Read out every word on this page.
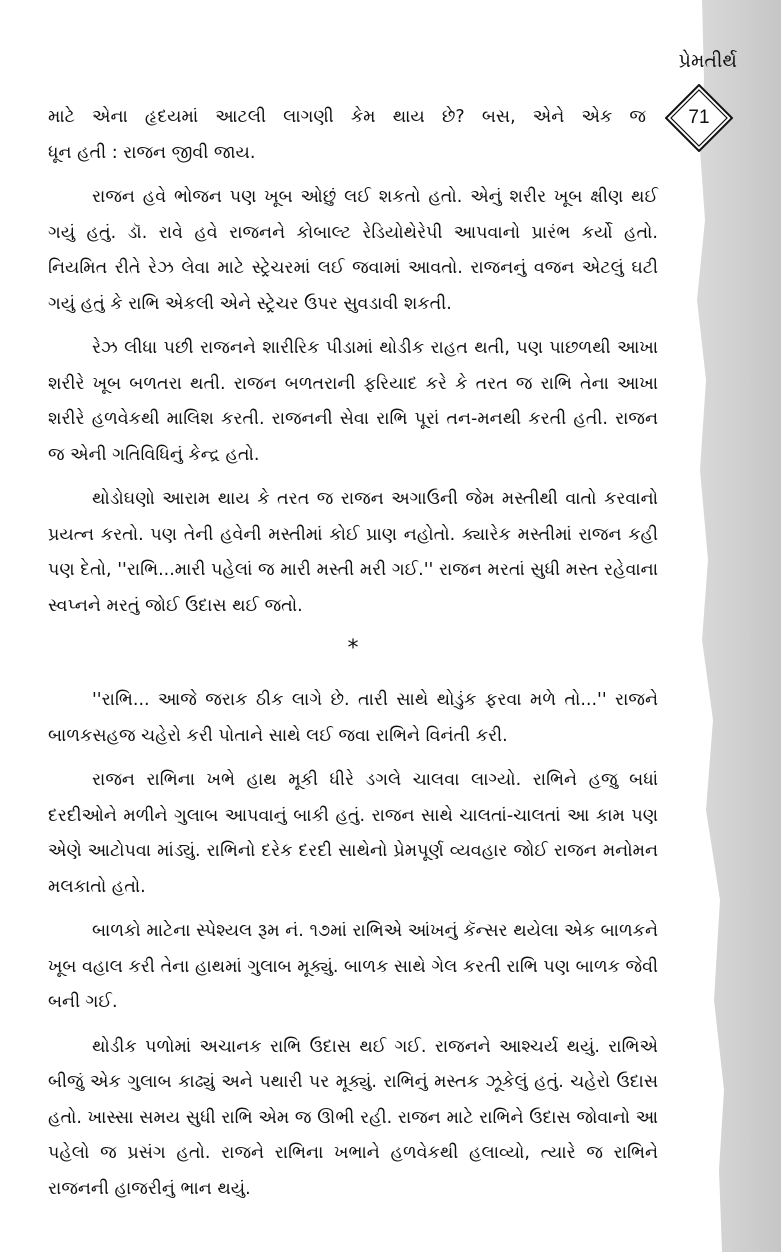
પ્રેમતીર્થ
71
માટે એના હૃદયમાં આટલી લાગણી કેમ થાય છે? બસ, એને એક જ

ધૂન હતી : રાજન જીવી જાય.

રાજન હવે ભોજન પણ ખૂબ ઓછું લઈ શકતો હતો. એનું શરીર ખૂબ ક્ષીણ થઈ ગયું હતું. ડૉ. રાવે હવે રાજનને કોબાલ્ટ રેડિયોથેરેપી આપવાનો પ્રારંભ કર્યો હતો. નિયમિત રીતે રેઝ લેવા માટે સ્ટ્રેચરમાં લઈ જવામાં આવતો. રાજનનું વજન એટલું ઘટી ગયું હતું કે રાભિ એકલી એને સ્ટ્રેચર ઉપર સુવડાવી શકતી.

રેઝ લીધા પછી રાજનને શારીરિક પીડામાં થોડીક રાહત થતી, પણ પાછળથી આખા શરીરે ખૂબ બળતરા થતી. રાજન બળતરાની ફરિયાદ કરે કે તરત જ રાભિ તેના આખા શરીરે હળવેકથી માલિશ કરતી. રાજનની સેવા રાભિ પૂરાં તન-મનથી કરતી હતી. રાજન જ એની ગતિવિધિનું કેન્દ્ર હતો.

થોડોઘણો આરામ થાય કે તરત જ રાજન અગાઉની જેમ મસ્તીથી વાતો કરવાનો પ્રયત્ન કરતો. પણ તેની હવેની મસ્તીમાં કોઈ પ્રાણ નહોતો. ક્યારેક મસ્તીમાં રાજન કહી પણ દેતો, ''રાભિ...મારી પહેલાં જ મારી મસ્તી મરી ગઈ.'' રાજન મરતાં સુધી મસ્ત રહેવાના સ્વપ્નને મરતું જોઈ ઉદાસ થઈ જતો.

*

''રાભિ... આજે જરાક ઠીક લાગે છે. તારી સાથે થોડુંક ફરવા મળે તો...'' રાજને બાળકસહજ ચહેરો કરી પોતાને સાથે લઈ જવા રાભિને વિનંતી કરી.

રાજન રાભિના ખભે હાથ મૂકી ધીરે ડગલે ચાલવા લાગ્યો. રાભિને હજુ બધાં દરદીઓને મળીને ગુલાબ આપવાનું બાકી હતું. રાજન સાથે ચાલતાં-ચાલતાં આ કામ પણ એણે આટોપવા માંડ્યું. રાભિનો દરેક દરદી સાથેનો પ્રેમપૂર્ણ વ્યવહાર જોઈ રાજન મનોમન મલકાતો હતો.

બાળકો માટેના સ્પેશ્યલ રૂમ નં. ૧૭માં રાભિએ આંખનું કૅન્સર થયેલા એક બાળકને ખૂબ વહાલ કરી તેના હાથમાં ગુલાબ મૂક્યું. બાળક સાથે ગેલ કરતી રાભિ પણ બાળક જેવી બની ગઈ.

થોડીક પળોમાં અચાનક રાભિ ઉદાસ થઈ ગઈ. રાજનને આશ્ચર્ય થયું. રાભિએ બીજું એક ગુલાબ કાઢ્યું અને પથારી પર મૂક્યું. રાભિનું મસ્તક ઝૂકેલું હતું. ચહેરો ઉદાસ હતો. ખાસ્સા સમય સુધી રાભિ એમ જ ઊભી રહી. રાજન માટે રાભિને ઉદાસ જોવાનો આ પહેલો જ પ્રસંગ હતો. રાજને રાભિના ખભાને હળવેકથી હલાવ્યો, ત્યારે જ રાભિને રાજનની હાજરીનું ભાન થયું.
